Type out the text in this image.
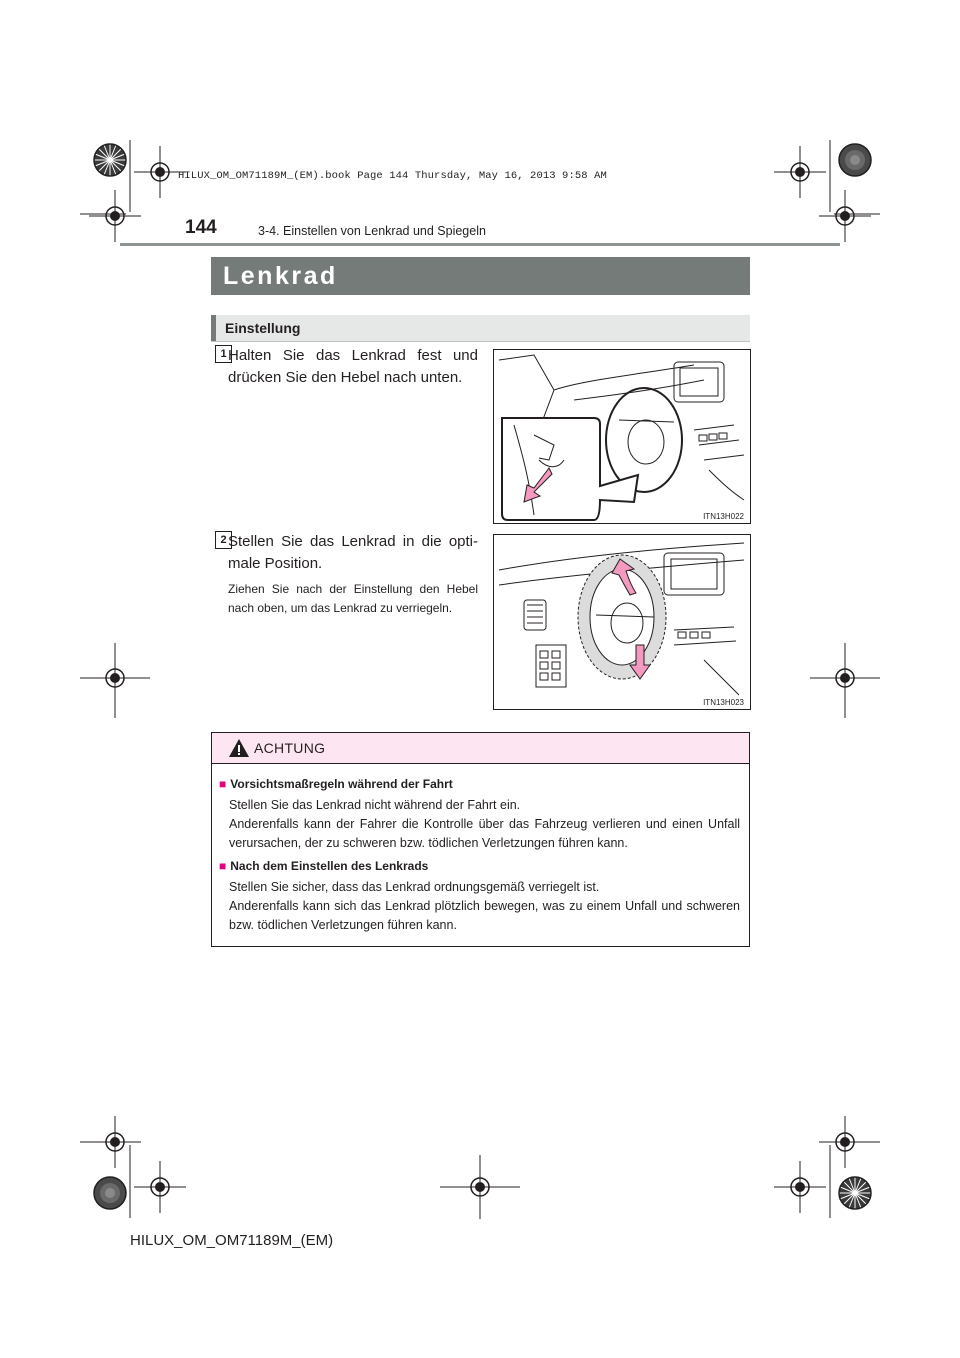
HILUX_OM_OM71189M_(EM).book Page 144 Thursday, May 16, 2013 9:58 AM
144	3-4. Einstellen von Lenkrad und Spiegeln
Lenkrad
Einstellung
1 Halten Sie das Lenkrad fest und drücken Sie den Hebel nach unten.
ITN13H022
2 Stellen Sie das Lenkrad in die opti-male Position.
Ziehen Sie nach der Einstellung den Hebel nach oben, um das Lenkrad zu verriegeln.
ITN13H023
ACHTUNG
■ Vorsichtsmaßregeln während der Fahrt
Stellen Sie das Lenkrad nicht während der Fahrt ein.
Anderenfalls kann der Fahrer die Kontrolle über das Fahrzeug verlieren und einen Unfall verursachen, der zu schweren bzw. tödlichen Verletzungen führen kann.
■ Nach dem Einstellen des Lenkrads
Stellen Sie sicher, dass das Lenkrad ordnungsgemäß verriegelt ist.
Anderenfalls kann sich das Lenkrad plötzlich bewegen, was zu einem Unfall und schweren bzw. tödlichen Verletzungen führen kann.
HILUX_OM_OM71189M_(EM)
